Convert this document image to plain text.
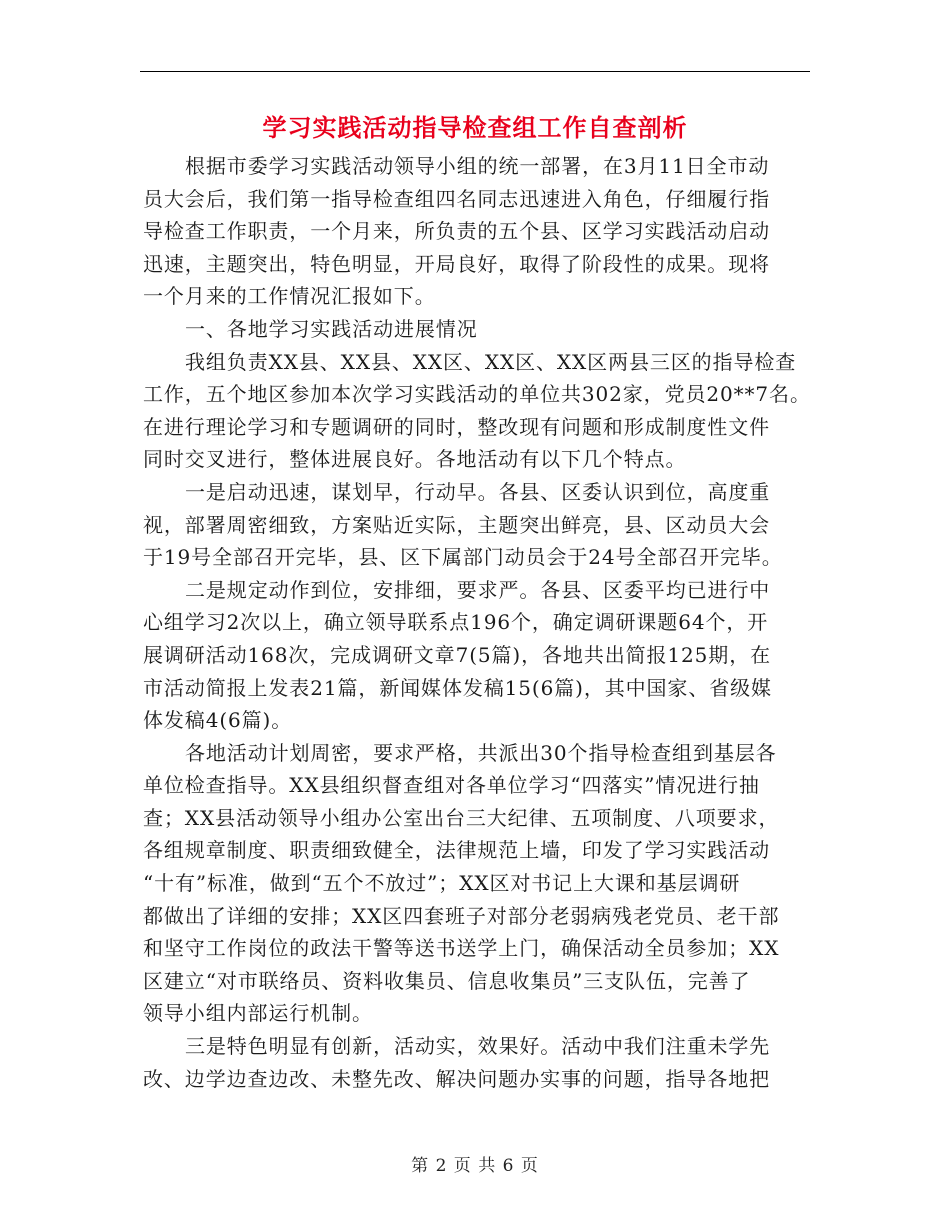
学习实践活动指导检查组工作自查剖析
根据市委学习实践活动领导小组的统一部署，在3月11日全市动
员大会后，我们第一指导检查组四名同志迅速进入角色，仔细履行指
导检查工作职责，一个月来，所负责的五个县、区学习实践活动启动
迅速，主题突出，特色明显，开局良好，取得了阶段性的成果。现将
一个月来的工作情况汇报如下。
一、各地学习实践活动进展情况
我组负责XX县、XX县、XX区、XX区、XX区两县三区的指导检查
工作，五个地区参加本次学习实践活动的单位共302家，党员20**7名。
在进行理论学习和专题调研的同时，整改现有问题和形成制度性文件
同时交叉进行，整体进展良好。各地活动有以下几个特点。
一是启动迅速，谋划早，行动早。各县、区委认识到位，高度重
视，部署周密细致，方案贴近实际，主题突出鲜亮，县、区动员大会
于19号全部召开完毕，县、区下属部门动员会于24号全部召开完毕。
二是规定动作到位，安排细，要求严。各县、区委平均已进行中
心组学习2次以上，确立领导联系点196个，确定调研课题64个，开
展调研活动168次，完成调研文章7(5篇)，各地共出简报125期，在
市活动简报上发表21篇，新闻媒体发稿15(6篇)，其中国家、省级媒
体发稿4(6篇)。
各地活动计划周密，要求严格，共派出30个指导检查组到基层各
单位检查指导。XX县组织督查组对各单位学习“四落实”情况进行抽
查；XX县活动领导小组办公室出台三大纪律、五项制度、八项要求，
各组规章制度、职责细致健全，法律规范上墙，印发了学习实践活动
“十有”标准，做到“五个不放过”；XX区对书记上大课和基层调研
都做出了详细的安排；XX区四套班子对部分老弱病残老党员、老干部
和坚守工作岗位的政法干警等送书送学上门，确保活动全员参加；XX
区建立“对市联络员、资料收集员、信息收集员”三支队伍，完善了
领导小组内部运行机制。
三是特色明显有创新，活动实，效果好。活动中我们注重未学先
改、边学边查边改、未整先改、解决问题办实事的问题，指导各地把
第 2 页 共 6 页
